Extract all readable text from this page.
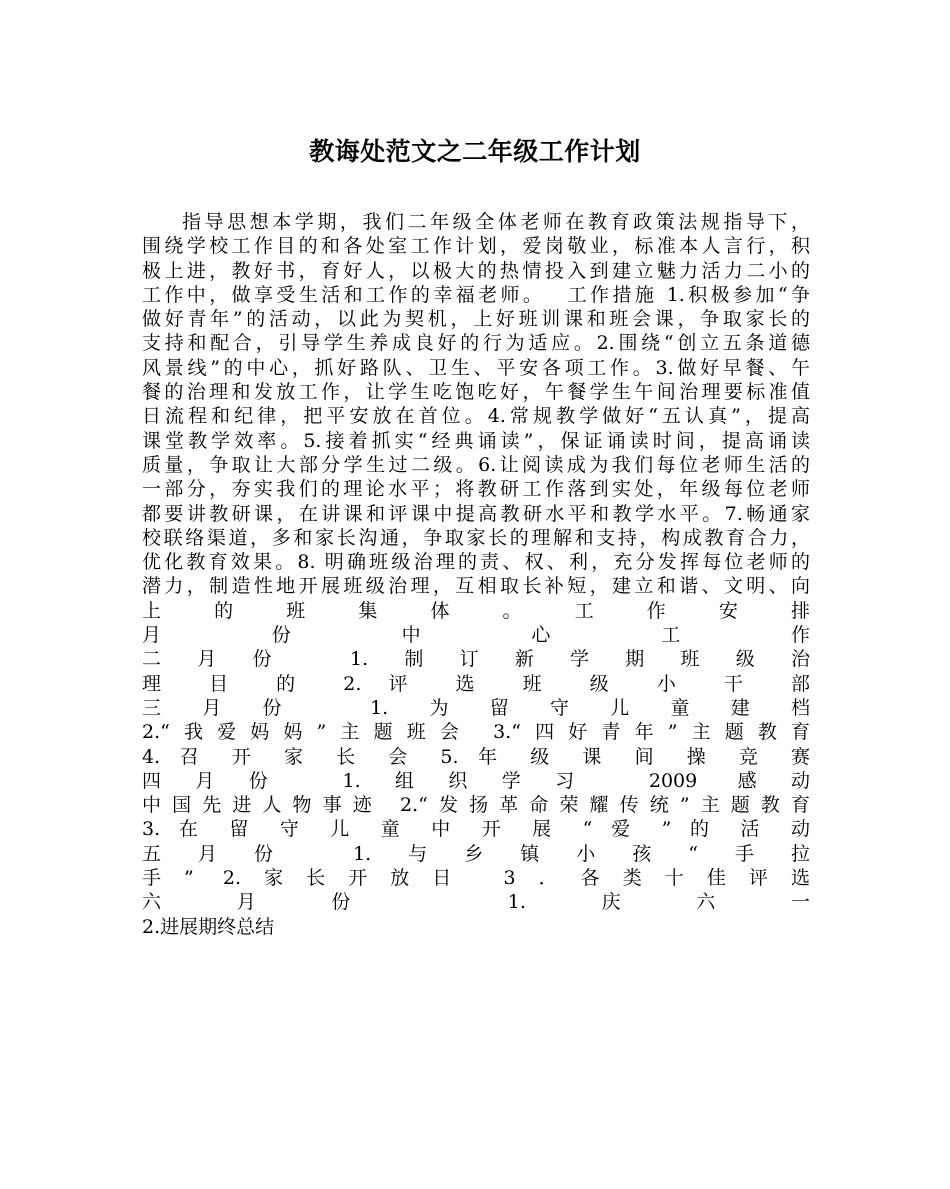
教诲处范文之二年级工作计划
指导思想本学期，我们二年级全体老师在教育政策法规指导下，
围绕学校工作目的和各处室工作计划，爱岗敬业，标准本人言行，积
极上进，教好书，育好人，以极大的热情投入到建立魅力活力二小的
工作中，做享受生活和工作的幸福老师。　 工作措施 1.积极参加“争
做好青年”的活动，以此为契机，上好班训课和班会课，争取家长的
支持和配合，引导学生养成良好的行为适应。2.围绕“创立五条道德
风景线”的中心，抓好路队、卫生、平安各项工作。3.做好早餐、午
餐的治理和发放工作，让学生吃饱吃好，午餐学生午间治理要标准值
日流程和纪律，把平安放在首位。4.常规教学做好“五认真”，提高
课堂教学效率。5.接着抓实“经典诵读”，保证诵读时间，提高诵读
质量，争取让大部分学生过二级。6.让阅读成为我们每位老师生活的
一部分，夯实我们的理论水平；将教研工作落到实处，年级每位老师
都要讲教研课，在讲课和评课中提高教研水平和教学水平。7.畅通家
校联络渠道，多和家长沟通，争取家长的理解和支持，构成教育合力，
优化教育效果。8. 明确班级治理的责、权、利，充分发挥每位老师的
潜力，制造性地开展班级治理，互相取长补短，建立和谐、文明、向
上 的 班 集 体 。 工 作 安 排
月 份 中 心 工 作
二月份 1.制订新学期班级治
理 目 的 2. 评 选 班 级 小 干 部
三月份 1.为留守儿童建档
2.“我爱妈妈”主题班会 3.“四好青年”主题教育
4. 召 开 家 长 会 5. 年 级 课 间 操 竞 赛
四月份 1.组织学习 2009 感动
中国先进人物事迹 2.“发扬革命荣耀传统”主题教育
3. 在 留 守 儿 童 中 开 展 “ 爱 ” 的 活 动
五月份 1.与乡镇小孩“手拉
手” 2.家长开放日 3．各类十佳评选
六月份 1.庆六一
2.进展期终总结
